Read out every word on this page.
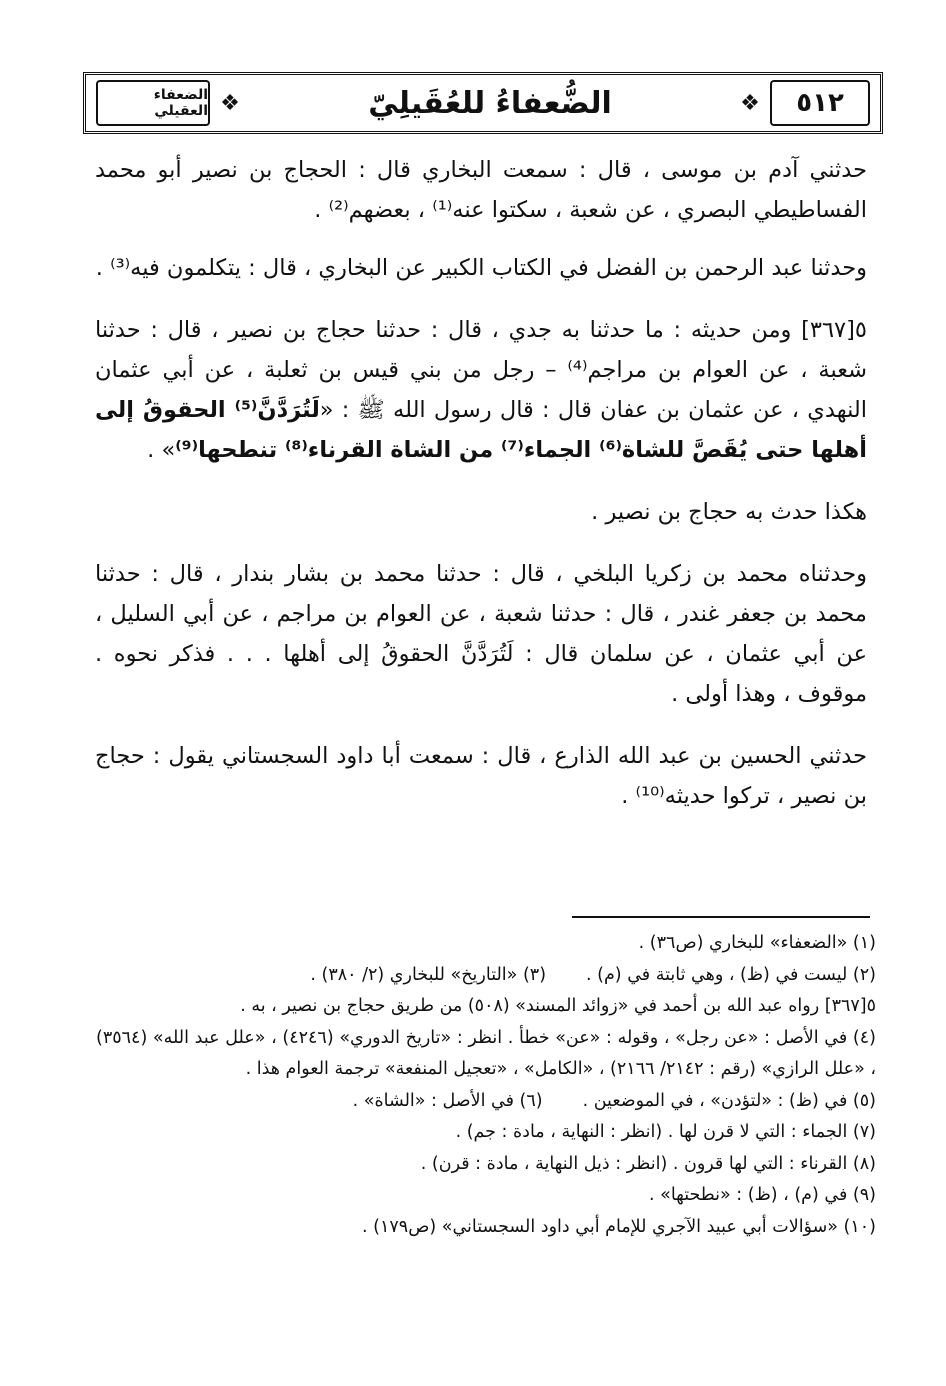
٥١٢
❖
الضُّعفاءُ للعُقَيلِيّ
❖
الضعفاء العقيلي

حدثني آدم بن موسى ، قال : سمعت البخاري قال : الحجاج بن نصير أبو محمد الفساطيطي البصري ، عن شعبة ، سكتوا عنه⁽¹⁾ ، بعضهم⁽²⁾ .

وحدثنا عبد الرحمن بن الفضل في الكتاب الكبير عن البخاري ، قال : يتكلمون فيه⁽³⁾ .

٥[٣٦٧] ومن حديثه : ما حدثنا به جدي ، قال : حدثنا حجاج بن نصير ، قال : حدثنا شعبة ، عن العوام بن مراجم⁽⁴⁾ – رجل من بني قيس بن ثعلبة ، عن أبي عثمان النهدي ، عن عثمان بن عفان قال : قال رسول الله ﷺ : «لَتُرَدَّنَّ⁽⁵⁾ الحقوقُ إلى أهلها حتى يُقَصَّ للشاة⁽⁶⁾ الجماء⁽⁷⁾ من الشاة القرناء⁽⁸⁾ تنطحها⁽⁹⁾» .

هكذا حدث به حجاج بن نصير .

وحدثناه محمد بن زكريا البلخي ، قال : حدثنا محمد بن بشار بندار ، قال : حدثنا محمد بن جعفر غندر ، قال : حدثنا شعبة ، عن العوام بن مراجم ، عن أبي السليل ، عن أبي عثمان ، عن سلمان قال : لَتُرَدَّنَّ الحقوقُ إلى أهلها . . . فذكر نحوه . موقوف ، وهذا أولى .

حدثني الحسين بن عبد الله الذارع ، قال : سمعت أبا داود السجستاني يقول : حجاج بن نصير ، تركوا حديثه⁽¹⁰⁾ .

(١) «الضعفاء» للبخاري (ص٣٦) .

(٢) ليست في (ظ) ، وهي ثابتة في (م) .
(٣) «التاريخ» للبخاري (٢/ ٣٨٠) .

٥[٣٦٧] رواه عبد الله بن أحمد في «زوائد المسند» (٥٠٨) من طريق حجاج بن نصير ، به .

(٤) في الأصل : «عن رجل» ، وقوله : «عن» خطأ . انظر : «تاريخ الدوري» (٤٢٤٦) ، «علل عبد الله» (٣٥٦٤) ، «علل الرازي» (رقم : ٢١٤٢/ ٢١٦٦) ، «الكامل» ، «تعجيل المنفعة» ترجمة العوام هذا .

(٥) في (ظ) : «لتؤدن» ، في الموضعين .
(٦) في الأصل : «الشاة» .

(٧) الجماء : التي لا قرن لها . (انظر : النهاية ، مادة : جم) .

(٨) القرناء : التي لها قرون . (انظر : ذيل النهاية ، مادة : قرن) .

(٩) في (م) ، (ظ) : «نطحتها» .

(١٠) «سؤالات أبي عبيد الآجري للإمام أبي داود السجستاني» (ص١٧٩) .
